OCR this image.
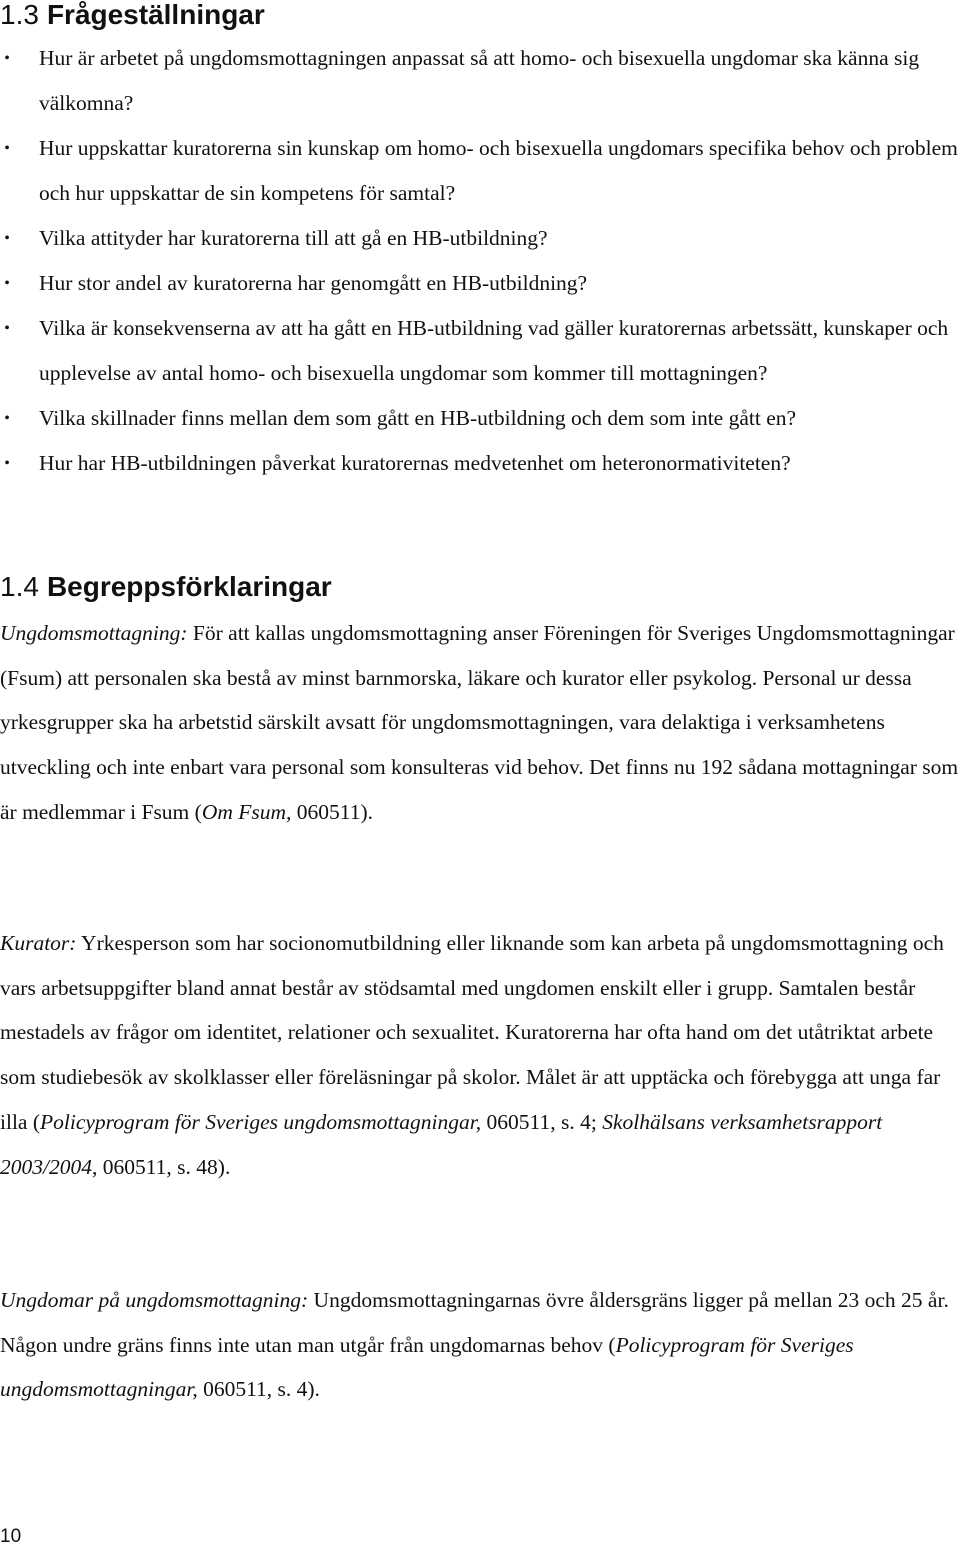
1.3 Frågeställningar
• Hur är arbetet på ungdomsmottagningen anpassat så att homo- och bisexuella ungdomar ska känna sig välkomna?
• Hur uppskattar kuratorerna sin kunskap om homo- och bisexuella ungdomars specifika behov och problem och hur uppskattar de sin kompetens för samtal?
• Vilka attityder har kuratorerna till att gå en HB-utbildning?
• Hur stor andel av kuratorerna har genomgått en HB-utbildning?
• Vilka är konsekvenserna av att ha gått en HB-utbildning vad gäller kuratorernas arbetssätt, kunskaper och upplevelse av antal homo- och bisexuella ungdomar som kommer till mottagningen?
• Vilka skillnader finns mellan dem som gått en HB-utbildning och dem som inte gått en?
• Hur har HB-utbildningen påverkat kuratorernas medvetenhet om heteronormativiteten?
1.4 Begreppsförklaringar

Ungdomsmottagning: För att kallas ungdomsmottagning anser Föreningen för Sveriges Ungdomsmottagningar (Fsum) att personalen ska bestå av minst barnmorska, läkare och kurator eller psykolog. Personal ur dessa yrkesgrupper ska ha arbetstid särskilt avsatt för ungdomsmottagningen, vara delaktiga i verksamhetens utveckling och inte enbart vara personal som konsulteras vid behov. Det finns nu 192 sådana mottagningar som är medlemmar i Fsum (Om Fsum, 060511).

Kurator: Yrkesperson som har socionomutbildning eller liknande som kan arbeta på ungdomsmottagning och vars arbetsuppgifter bland annat består av stödsamtal med ungdomen enskilt eller i grupp. Samtalen består mestadels av frågor om identitet, relationer och sexualitet. Kuratorerna har ofta hand om det utåtriktat arbete som studiebesök av skolklasser eller föreläsningar på skolor. Målet är att upptäcka och förebygga att unga far illa (Policyprogram för Sveriges ungdomsmottagningar, 060511, s. 4; Skolhälsans verksamhetsrapport 2003/2004, 060511, s. 48).

Ungdomar på ungdomsmottagning: Ungdomsmottagningarnas övre åldersgräns ligger på mellan 23 och 25 år. Någon undre gräns finns inte utan man utgår från ungdomarnas behov (Policyprogram för Sveriges ungdomsmottagningar, 060511, s. 4).

10
